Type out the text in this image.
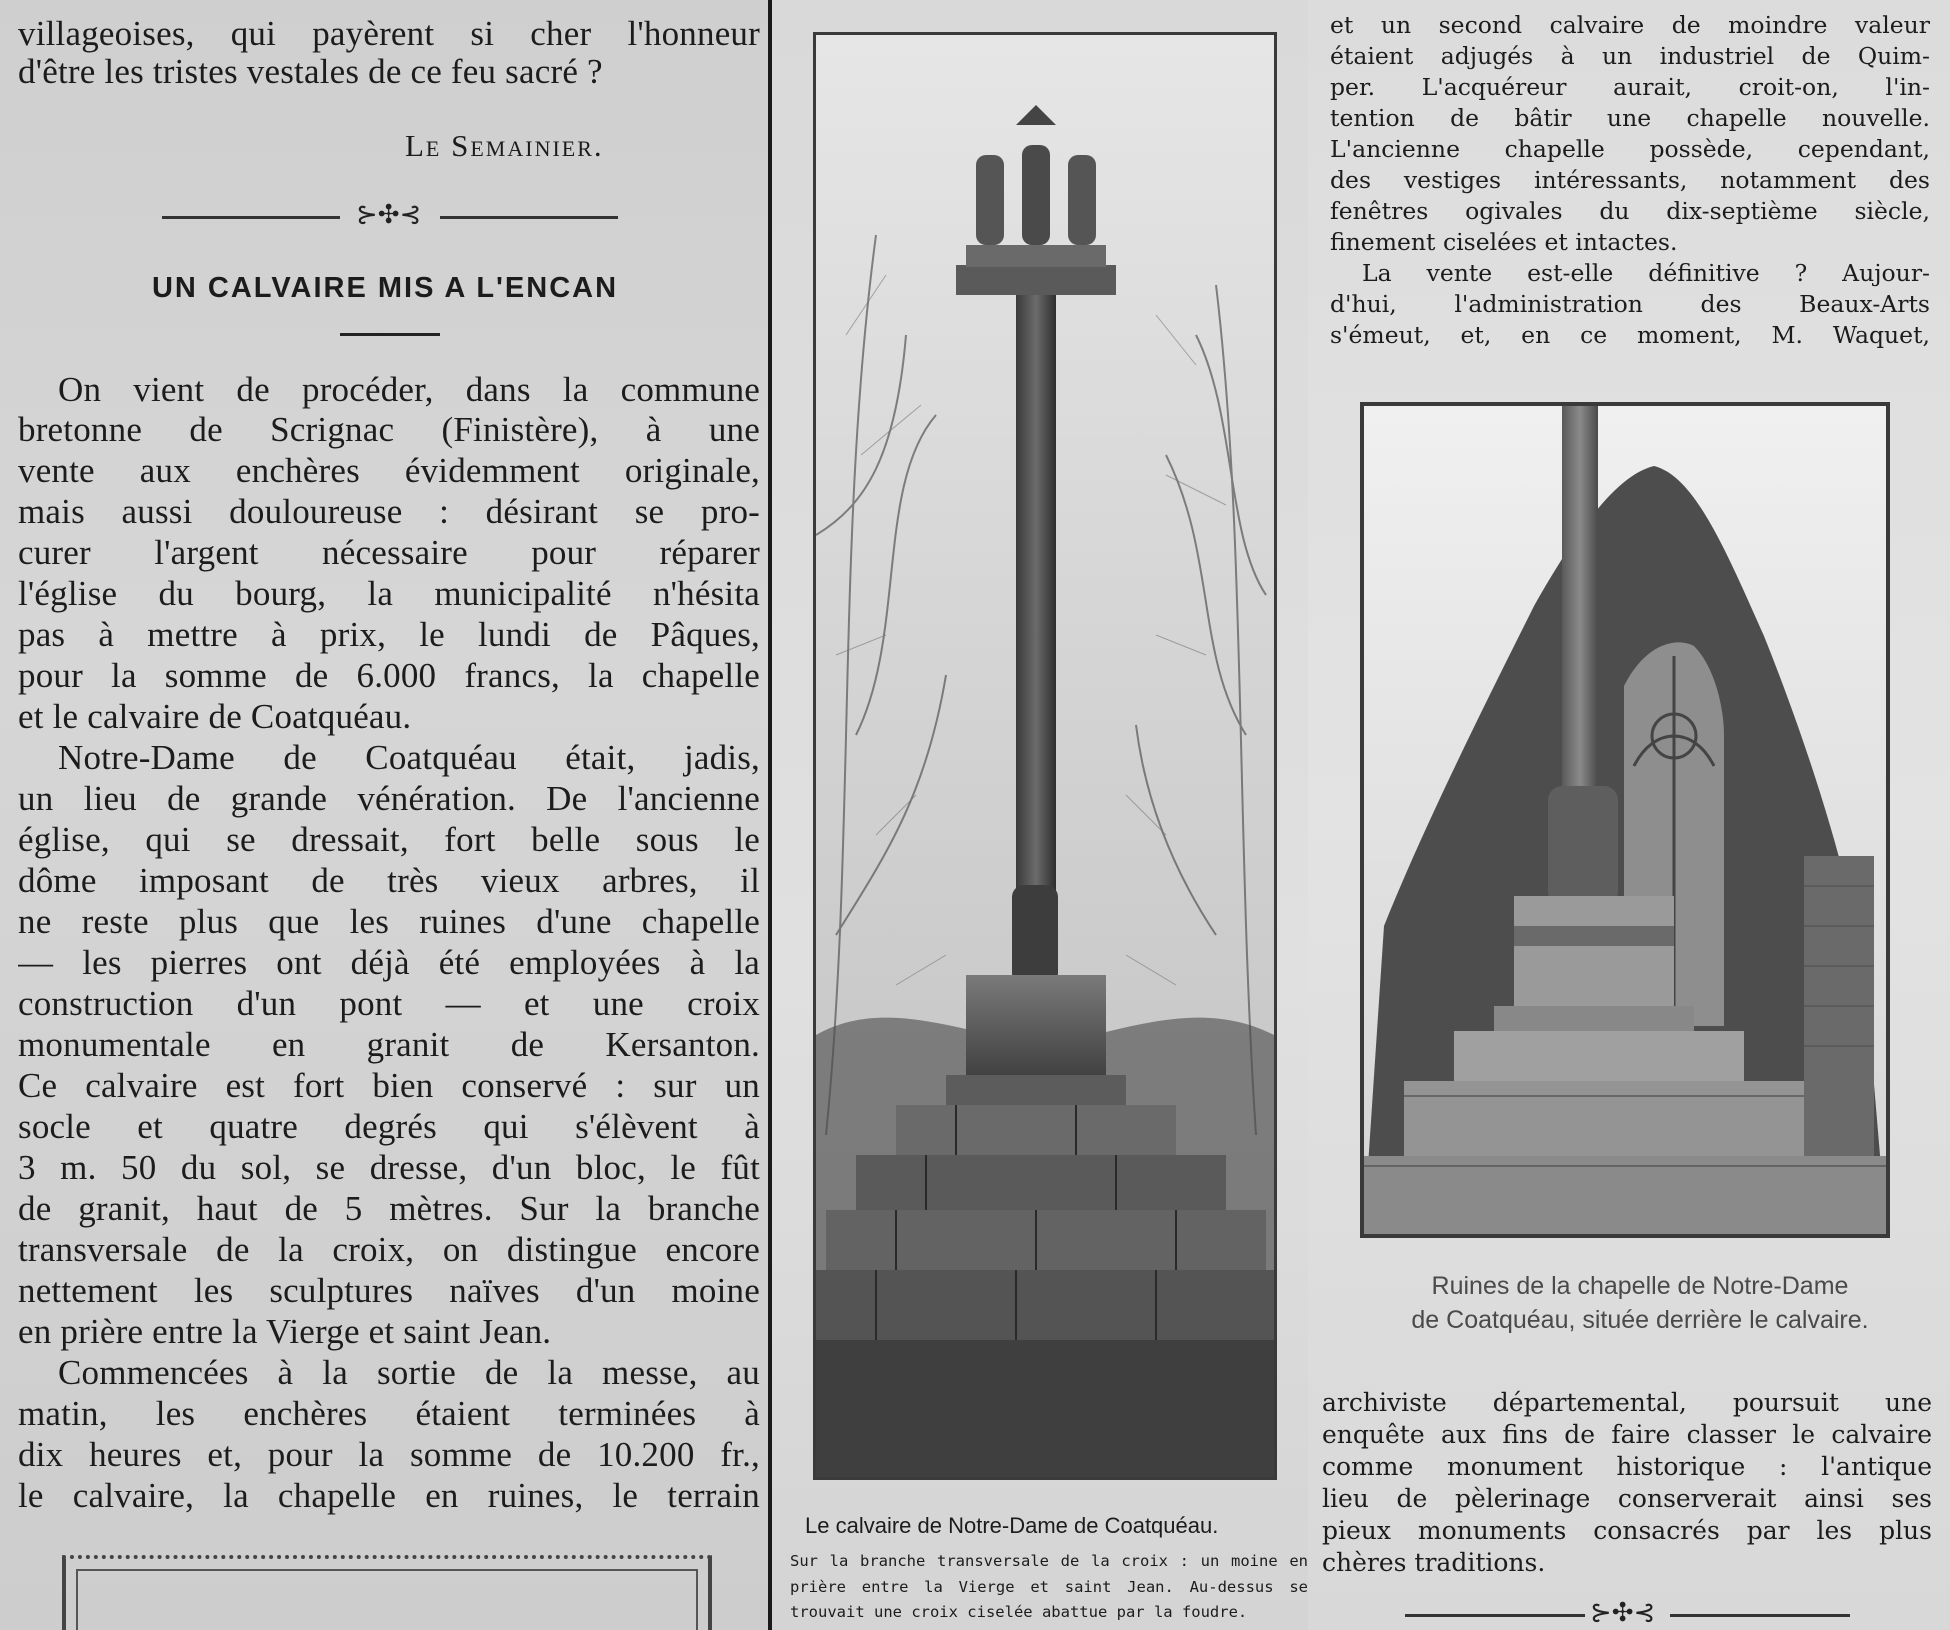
villageoises, qui payèrent si cher l'honneur

d'être les tristes vestales de ce feu sacré ?

Le Semainier.

⊱✣⊰
UN CALVAIRE MIS A L'ENCAN

On vient de procéder, dans la commune

bretonne de Scrignac (Finistère), à une

vente aux enchères évidemment originale,

mais aussi douloureuse : désirant se pro-

curer l'argent nécessaire pour réparer

l'église du bourg, la municipalité n'hésita

pas à mettre à prix, le lundi de Pâques,

pour la somme de 6.000 francs, la chapelle

et le calvaire de Coatquéau.

Notre-Dame de Coatquéau était, jadis,

un lieu de grande vénération. De l'ancienne

église, qui se dressait, fort belle sous le

dôme imposant de très vieux arbres, il

ne reste plus que les ruines d'une chapelle

— les pierres ont déjà été employées à la

construction d'un pont — et une croix

monumentale en granit de Kersanton.

Ce calvaire est fort bien conservé : sur un

socle et quatre degrés qui s'élèvent à

3 m. 50 du sol, se dresse, d'un bloc, le fût

de granit, haut de 5 mètres. Sur la branche

transversale de la croix, on distingue encore

nettement les sculptures naïves d'un moine

en prière entre la Vierge et saint Jean.

Commencées à la sortie de la messe, au

matin, les enchères étaient terminées à

dix heures et, pour la somme de 10.200 fr.,

le calvaire, la chapelle en ruines, le terrain

Le calvaire de Notre-Dame de Coatquéau.

Sur la branche transversale de la croix : un moine en

prière entre la Vierge et saint Jean. Au-dessus se

trouvait une croix ciselée abattue par la foudre.

et un second calvaire de moindre valeur

étaient adjugés à un industriel de Quim-

per. L'acquéreur aurait, croit-on, l'in-

tention de bâtir une chapelle nouvelle.

L'ancienne chapelle possède, cependant,

des vestiges intéressants, notamment des

fenêtres ogivales du dix-septième siècle,

finement ciselées et intactes.

La vente est-elle définitive ? Aujour-

d'hui, l'administration des Beaux-Arts

s'émeut, et, en ce moment, M. Waquet,

Ruines de la chapelle de Notre-Dame

de Coatquéau, située derrière le calvaire.

archiviste départemental, poursuit une

enquête aux fins de faire classer le calvaire

comme monument historique : l'antique

lieu de pèlerinage conserverait ainsi ses

pieux monuments consacrés par les plus

chères traditions.

⊱✣⊰
